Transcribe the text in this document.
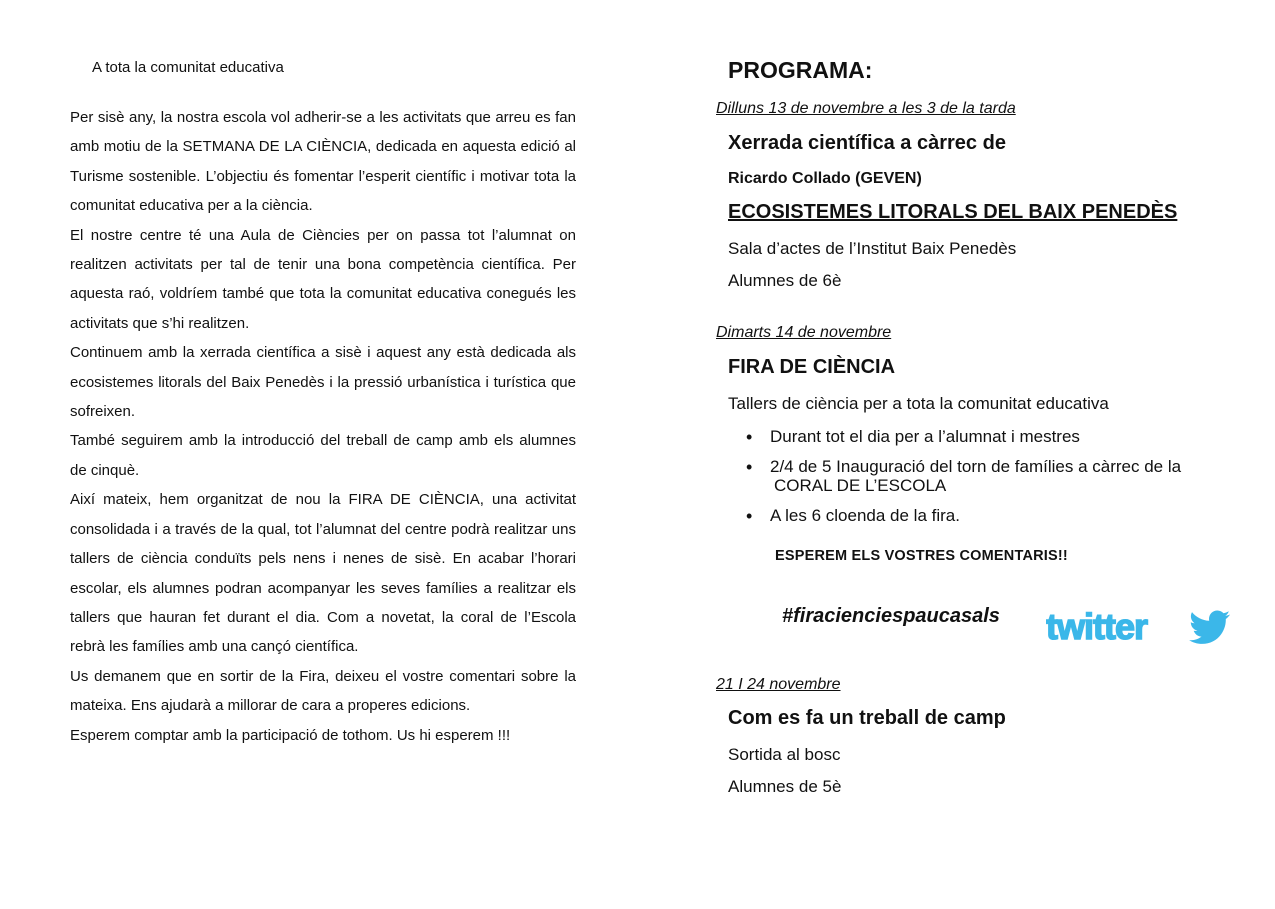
A tota la comunitat educativa

Per sisè any, la nostra escola vol adherir-se a les activitats que arreu es fan amb motiu de la SETMANA DE LA CIÈNCIA, dedicada en aquesta edició al Turisme sostenible. L’objectiu és fomentar l’esperit científic i motivar tota la comunitat educativa per a la ciència.

El nostre centre té una Aula de Ciències per on passa tot l’alumnat on realitzen activitats per tal de tenir una bona competència científica. Per aquesta raó, voldríem també que tota la comunitat educativa conegués les activitats que s’hi realitzen.

Continuem amb la xerrada científica a sisè i aquest any està dedicada als ecosistemes litorals del Baix Penedès i la pressió urbanística i turística que sofreixen.

També seguirem amb la introducció del treball de camp amb els alumnes de cinquè.

Així mateix, hem organitzat de nou la FIRA DE CIÈNCIA, una activitat consolidada i a través de la qual, tot l’alumnat del centre podrà realitzar uns tallers de ciència conduïts pels nens i nenes de sisè. En acabar l’horari escolar, els alumnes podran acompanyar les seves famílies a realitzar els tallers que hauran fet durant el dia. Com a novetat, la coral de l’Escola rebrà les famílies amb una cançó científica.

Us demanem que en sortir de la Fira, deixeu el vostre comentari sobre la mateixa. Ens ajudarà a millorar de cara a properes edicions.

Esperem comptar amb la participació de tothom. Us hi esperem !!!

PROGRAMA:
Dilluns 13 de novembre a les 3 de la tarda
Xerrada científica a càrrec de
Ricardo Collado (GEVEN)
ECOSISTEMES LITORALS DEL BAIX PENEDÈS
Sala d’actes de l’Institut Baix Penedès
Alumnes de 6è
Dimarts 14 de novembre
FIRA DE CIÈNCIA
Tallers de ciència per a tota la comunitat educativa
• Durant tot el dia per a l’alumnat i mestres
• 2/4 de 5 Inauguració del torn de famílies a càrrec de la
CORAL DE L’ESCOLA
• A les 6 cloenda de la fira.
ESPEREM ELS VOSTRES COMENTARIS!!
#firacienciespaucasals twitter
21 I 24 novembre
Com es fa un treball de camp
Sortida al bosc
Alumnes de 5è
